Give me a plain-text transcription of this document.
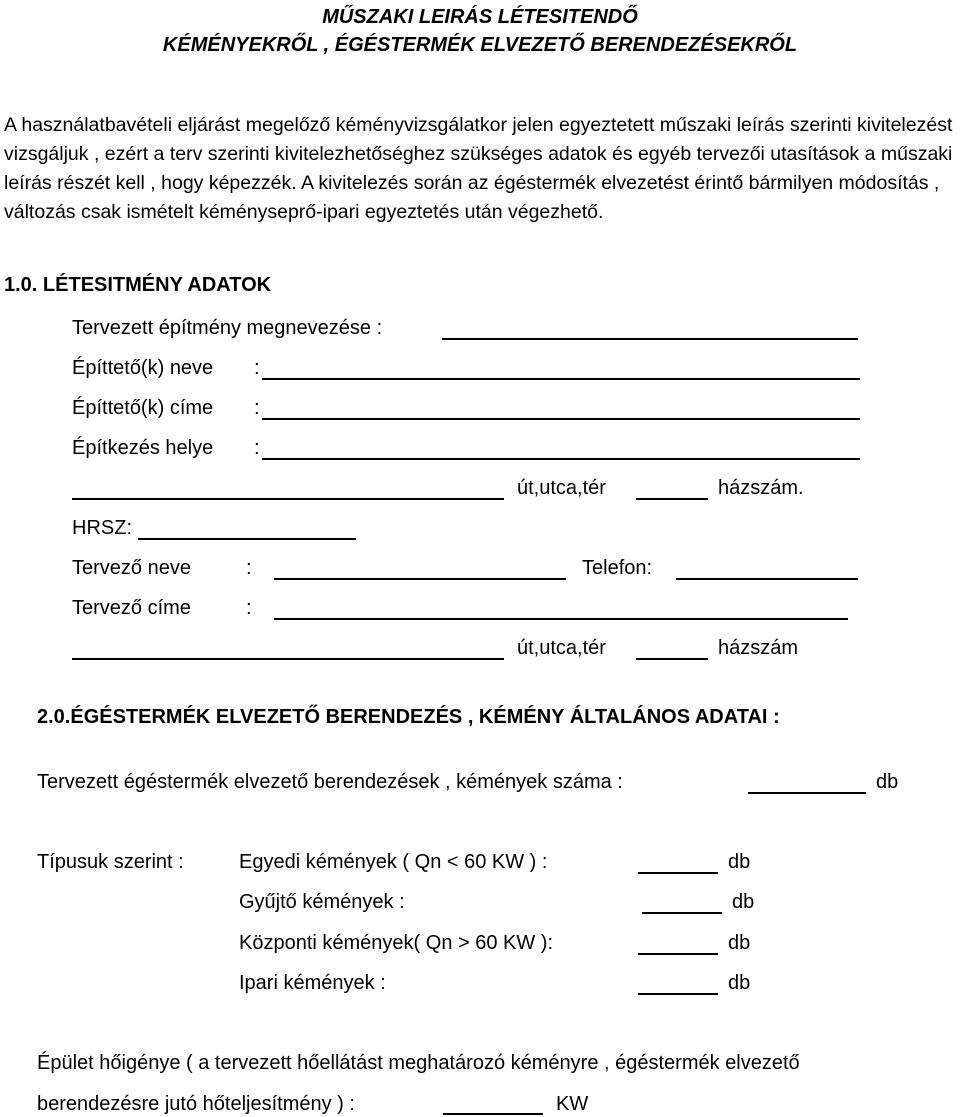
MŰSZAKI LEIRÁS LÉTESITENDŐ
KÉMÉNYEKRŐL , ÉGÉSTERMÉK ELVEZETŐ BERENDEZÉSEKRŐL
A használatbavételi eljárást megelőző kéményvizsgálatkor jelen egyeztetett műszaki leírás szerinti kivitelezést vizsgáljuk , ezért a terv szerinti kivitelezhetőséghez szükséges adatok és egyéb tervezői utasítások a műszaki leírás részét kell , hogy képezzék. A kivitelezés során az égéstermék elvezetést érintő bármilyen módosítás , változás csak ismételt kéményseprő-ipari egyeztetés után végezhető.
1.0. LÉTESITMÉNY ADATOK
Tervezett építmény megnevezése :
Építtető(k) neve :
Építtető(k) címe :
Építkezés helye :
út,utca,tér	házszám.
HRSZ:
Tervező neve	:	Telefon:
Tervező címe	:
út,utca,tér	házszám
2.0.ÉGÉSTERMÉK ELVEZETŐ BERENDEZÉS , KÉMÉNY ÁLTALÁNOS ADATAI :
Tervezett égéstermék elvezető berendezések , kémények száma :	db
Típusuk szerint :	Egyedi kémények ( Qn < 60 KW ) :	db
Gyűjtő kémények :	db
Központi kémények( Qn > 60 KW ):	db
Ipari kémények :	db
Épület hőigénye ( a tervezett hőellátást meghatározó kéményre , égéstermék elvezető
berendezésre jutó hőteljesítmény ) :	KW
